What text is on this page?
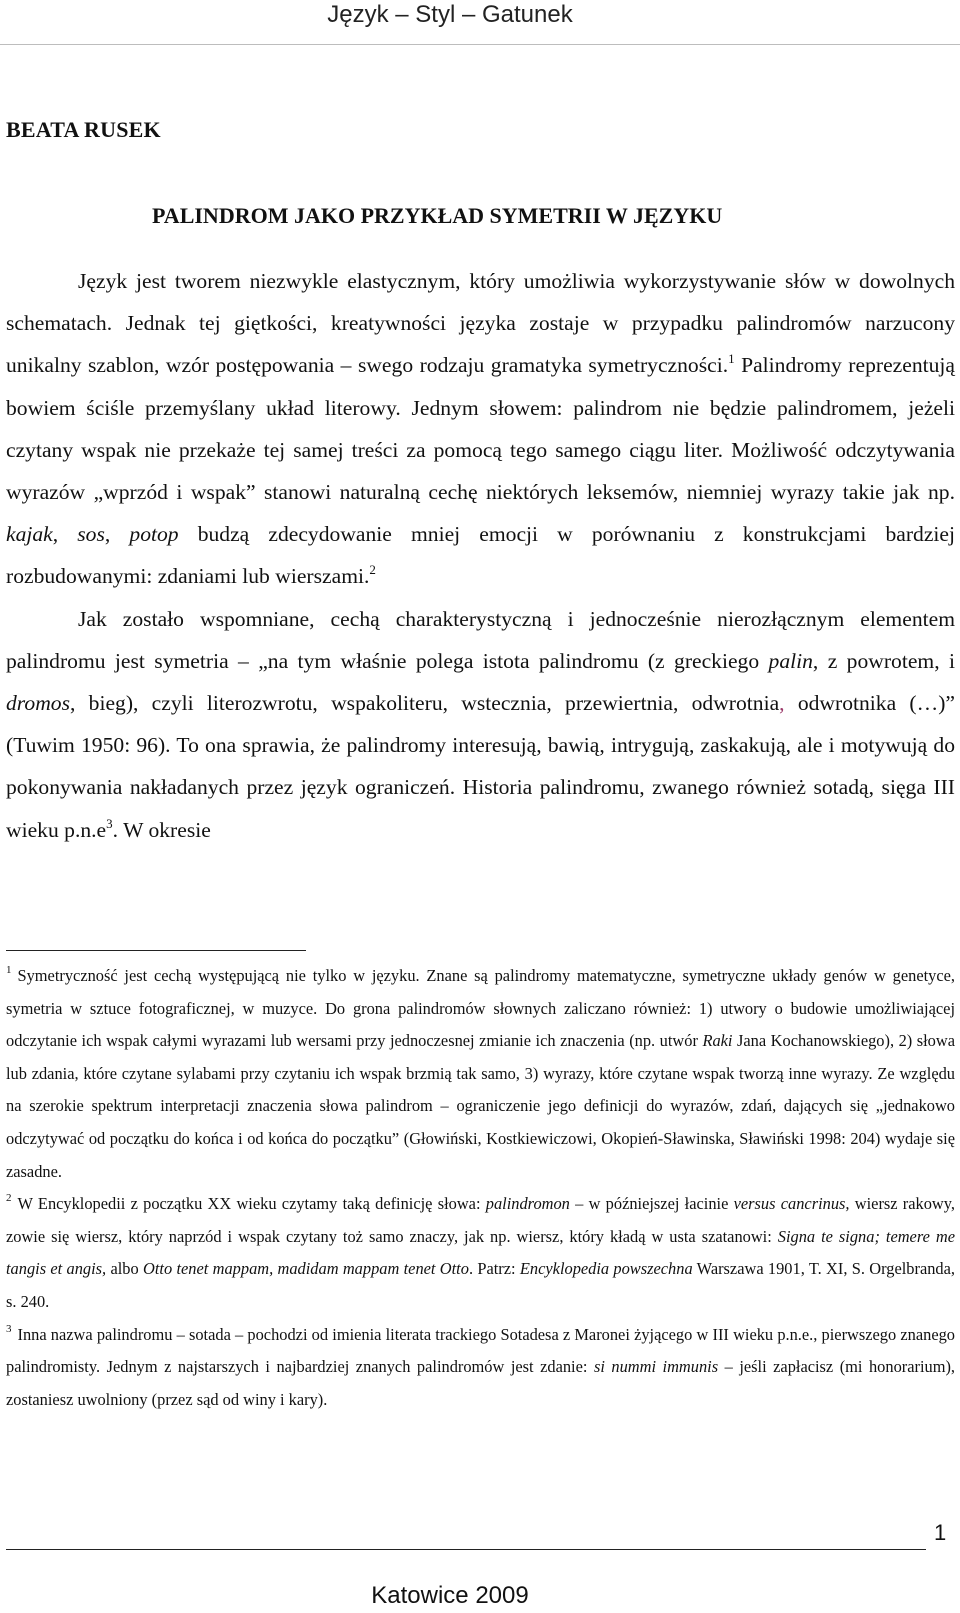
Język – Styl – Gatunek
BEATA RUSEK
PALINDROM JAKO PRZYKŁAD SYMETRII W JĘZYKU

Język jest tworem niezwykle elastycznym, który umożliwia wykorzystywanie słów w dowolnych schematach. Jednak tej giętkości, kreatywności języka zostaje w przypadku palindromów narzucony unikalny szablon, wzór postępowania – swego rodzaju gramatyka symetryczności.$^1$ Palindromy reprezentują bowiem ściśle przemyślany układ literowy. Jednym słowem: palindrom nie będzie palindromem, jeżeli czytany wspak nie przekaże tej samej treści za pomocą tego samego ciągu liter. Możliwość odczytywania wyrazów „wprzód i wspak” stanowi naturalną cechę niektórych leksemów, niemniej wyrazy takie jak np. kajak, sos, potop budzą zdecydowanie mniej emocji w porównaniu z konstrukcjami bardziej rozbudowanymi: zdaniami lub wierszami.$^2$

Jak zostało wspomniane, cechą charakterystyczną i jednocześnie nierozłącznym elementem palindromu jest symetria – „na tym właśnie polega istota palindromu (z greckiego palin, z powrotem, i dromos, bieg), czyli literozwrotu, wspakoliteru, wstecznia, przewiertnia, odwrotnia, odwrotnika (…)” (Tuwim 1950: 96). To ona sprawia, że palindromy interesują, bawią, intrygują, zaskakują, ale i motywują do pokonywania nakładanych przez język ograniczeń. Historia palindromu, zwanego również sotadą, sięga III wieku p.n.e$^3$. W okresie

$^1$ Symetryczność jest cechą występującą nie tylko w języku. Znane są palindromy matematyczne, symetryczne układy genów w genetyce, symetria w sztuce fotograficznej, w muzyce. Do grona palindromów słownych zaliczano również: 1) utwory o budowie umożliwiającej odczytanie ich wspak całymi wyrazami lub wersami przy jednoczesnej zmianie ich znaczenia (np. utwór Raki Jana Kochanowskiego), 2) słowa lub zdania, które czytane sylabami przy czytaniu ich wspak brzmią tak samo, 3) wyrazy, które czytane wspak tworzą inne wyrazy. Ze względu na szerokie spektrum interpretacji znaczenia słowa palindrom – ograniczenie jego definicji do wyrazów, zdań, dających się „jednakowo odczytywać od początku do końca i od końca do początku” (Głowiński, Kostkiewiczowi, Okopień-Sławinska, Sławiński 1998: 204) wydaje się zasadne.

$^2$ W Encyklopedii z początku XX wieku czytamy taką definicję słowa: palindromon – w późniejszej łacinie versus cancrinus, wiersz rakowy, zowie się wiersz, który naprzód i wspak czytany toż samo znaczy, jak np. wiersz, który kładą w usta szatanowi: Signa te signa; temere me tangis et angis, albo Otto tenet mappam, madidam mappam tenet Otto. Patrz: Encyklopedia powszechna Warszawa 1901, T. XI, S. Orgelbranda, s. 240.

$^3$ Inna nazwa palindromu – sotada – pochodzi od imienia literata trackiego Sotadesa z Maronei żyjącego w III wieku p.n.e., pierwszego znanego palindromisty. Jednym z najstarszych i najbardziej znanych palindromów jest zdanie: si nummi immunis – jeśli zapłacisz (mi honorarium), zostaniesz uwolniony (przez sąd od winy i kary).

1
Katowice 2009
